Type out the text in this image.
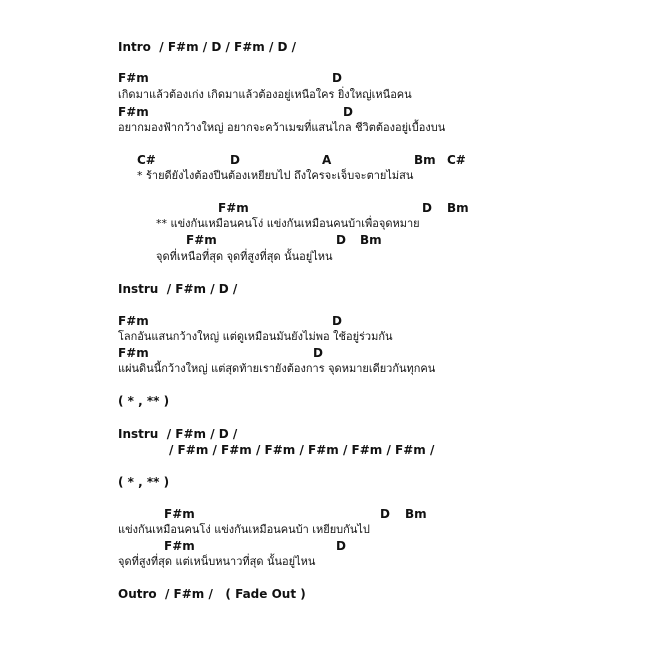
Intro  / F#m / D / F#m / D /
F#m	D
เกิดมาแล้วต้องเก่ง เกิดมาแล้วต้องอยู่เหนือใคร ยิ่งใหญ่เหนือคน
F#m	D
อยากมองฟ้ากว้างใหญ่ อยากจะคว้าเมฆที่แสนไกล ชีวิตต้องอยู่เบื้องบน
C#	D	A	Bm C#
* ร้ายดียังไงต้องปีนต้องเหยียบไป ถึงใครจะเจ็บจะตายไม่สน
F#m	D Bm
** แข่งกันเหมือนคนโง่ แข่งกันเหมือนคนบ้าเพื่อจุดหมาย
F#m	D Bm
จุดที่เหนือที่สุด จุดที่สูงที่สุด นั้นอยู่ไหน
Instru  / F#m / D /
F#m	D
โลกอันแสนกว้างใหญ่ แต่ดูเหมือนมันยังไม่พอ ใช้อยู่ร่วมกัน
F#m	D
แผ่นดินนี้กว้างใหญ่ แต่สุดท้ายเรายังต้องการ จุดหมายเดียวกันทุกคน
( * , ** )
Instru  / F#m / D /
/ F#m / F#m / F#m / F#m / F#m / F#m /
( * , ** )
F#m	D Bm
แข่งกันเหมือนคนโง่ แข่งกันเหมือนคนบ้า เหยียบกันไป
F#m	D
จุดที่สูงที่สุด แต่เหน็บหนาวที่สุด นั้นอยู่ไหน
Outro  / F#m /   ( Fade Out )
